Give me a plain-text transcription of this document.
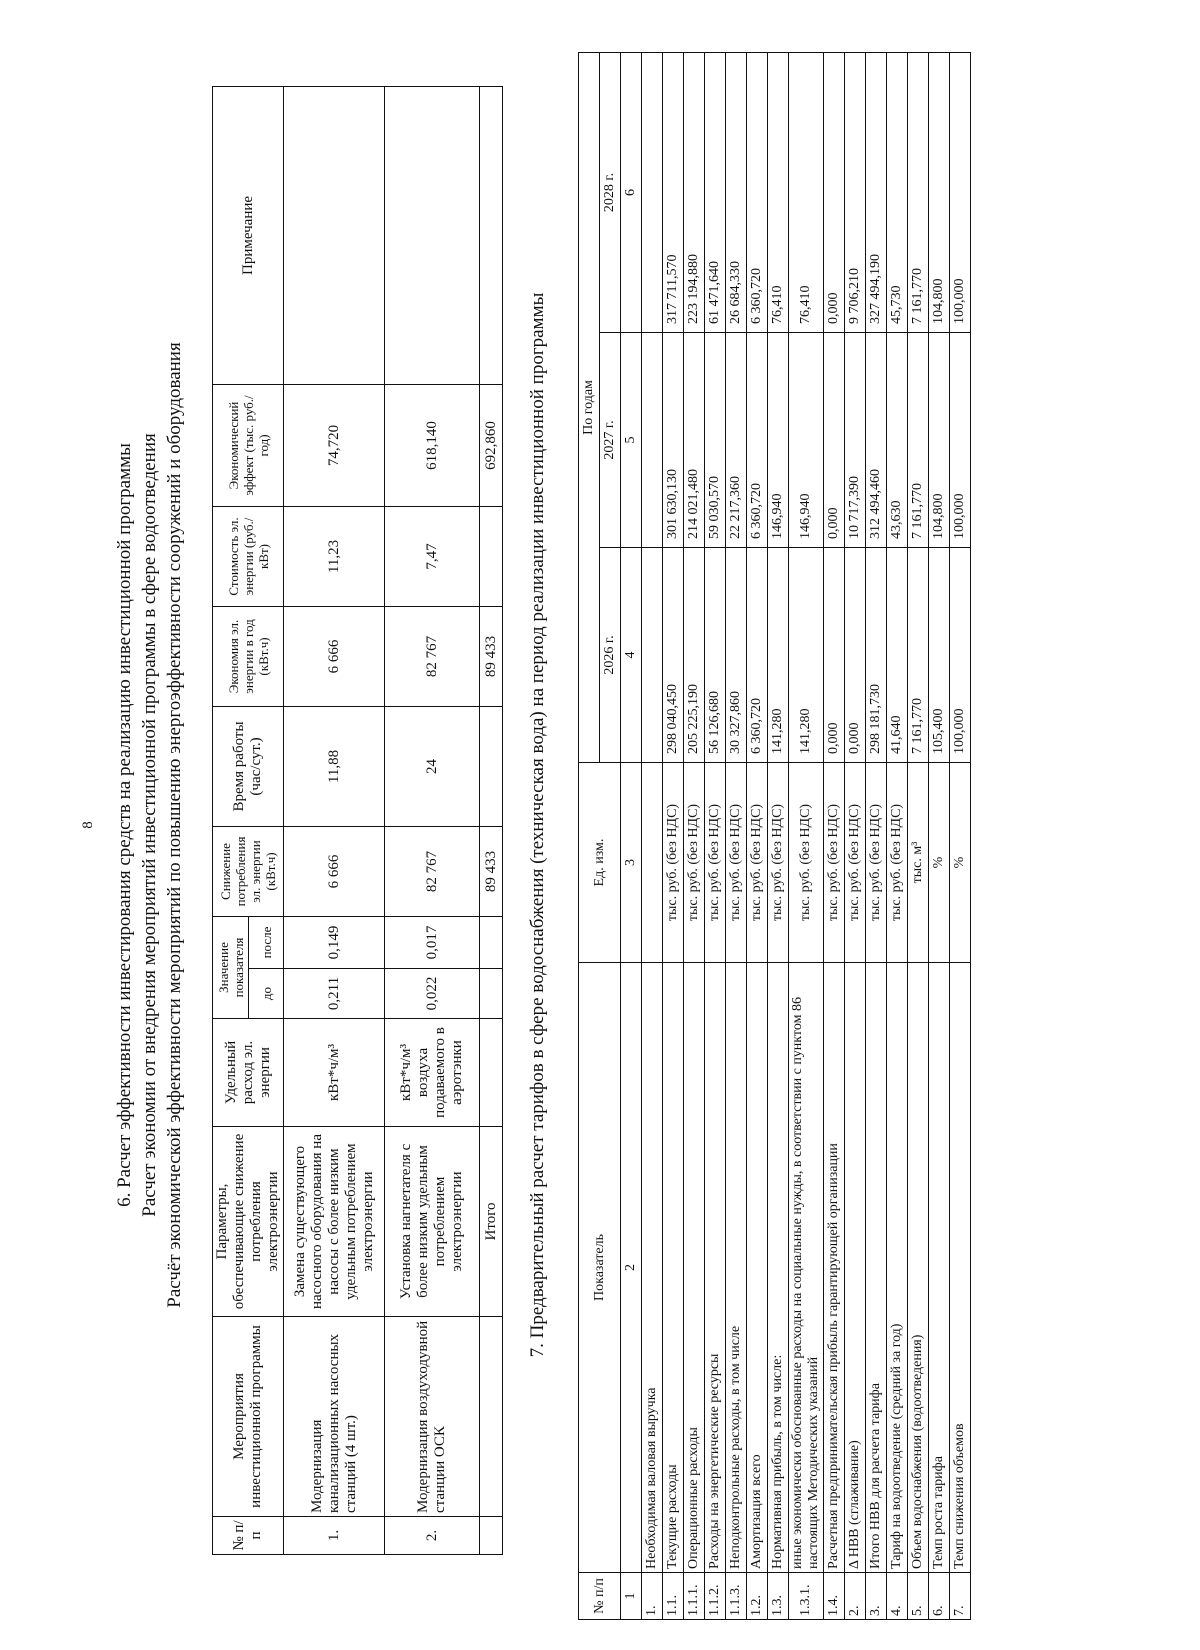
8 6. Расчет эффективности инвестирования средств на реализацию инвестиционной программы Расчет экономии от внедрения мероприятий инвестиционной программы в сфере водоотведения Расчёт экономической эффективности мероприятий по повышению энергоэффективности сооружений и оборудования
№ п/п	Мероприятия инвестиционной программы	Параметры, обеспечивающие снижение потребления электроэнергии	Удельный расход эл. энергии	Значение показателя		Снижение потребления эл. энергии (кВт.ч)	Время работы (час/сут.)	Экономия эл. энергии в год (кВт.ч)	Стоимость эл. энергии (руб./кВт)	Экономический эффект (тыс. руб./год)	Примечание
				до	после						
1.	Модернизация канализационных насосных станций (4 шт.)	Замена существующего насосного оборудования на насосы с более низким удельным потреблением электроэнергии	кВт*ч/м³	0,211	0,149	6 666	11,88	6 666	11,23	74,720	
2.	Модернизация воздуходувной станции ОСК	Установка нагнетателя с более низким удельным потреблением электроэнергии	кВт*ч/м³ воздуха подаваемого в аэротэнки	0,022	0,017	82 767	24	82 767	7,47	618,140	
		Итого				89 433		89 433		692,860	7. Предварительный расчет тарифов в сфере водоснабжения (техническая вода) на период реализации инвестиционной программы
№ п/п	Показатель	Ед. изм.	По годам		
			2026 г.	2027 г.	2028 г.
1	2	3	4	5	6
1.	Необходимая валовая выручка				
1.1.	Текущие расходы	тыс. руб. (без НДС)	298 040,450	301 630,130	317 711,570
1.1.1.	Операционные расходы	тыс. руб. (без НДС)	205 225,190	214 021,480	223 194,880
1.1.2.	Расходы на энергетические ресурсы	тыс. руб. (без НДС)	56 126,680	59 030,570	61 471,640
1.1.3.	Неподконтрольные расходы, в том числе	тыс. руб. (без НДС)	30 327,860	22 217,360	26 684,330
1.2.	Амортизация всего	тыс. руб. (без НДС)	6 360,720	6 360,720	6 360,720
1.3.	Нормативная прибыль, в том числе:	тыс. руб. (без НДС)	141,280	146,940	76,410
1.3.1.	иные экономически обоснованные расходы на социальные нужды, в соответствии с пунктом 86 настоящих Методических указаний	тыс. руб. (без НДС)	141,280	146,940	76,410
1.4.	Расчетная предпринимательская прибыль гарантирующей организации	тыс. руб. (без НДС)	0,000	0,000	0,000
2.	Δ НВВ (сглаживание)	тыс. руб. (без НДС)	0,000	10 717,390	9 706,210
3.	Итого НВВ для расчета тарифа	тыс. руб. (без НДС)	298 181,730	312 494,460	327 494,190
4.	Тариф на водоотведение (средний за год)	тыс. руб. (без НДС)	41,640	43,630	45,730
5.	Объем водоснабжения (водоотведения)	тыс. м³	7 161,770	7 161,770	7 161,770
6.	Темп роста тарифа	%	105,400	104,800	104,800
7.	Темп снижения объемов	%	100,000	100,000	100,000
